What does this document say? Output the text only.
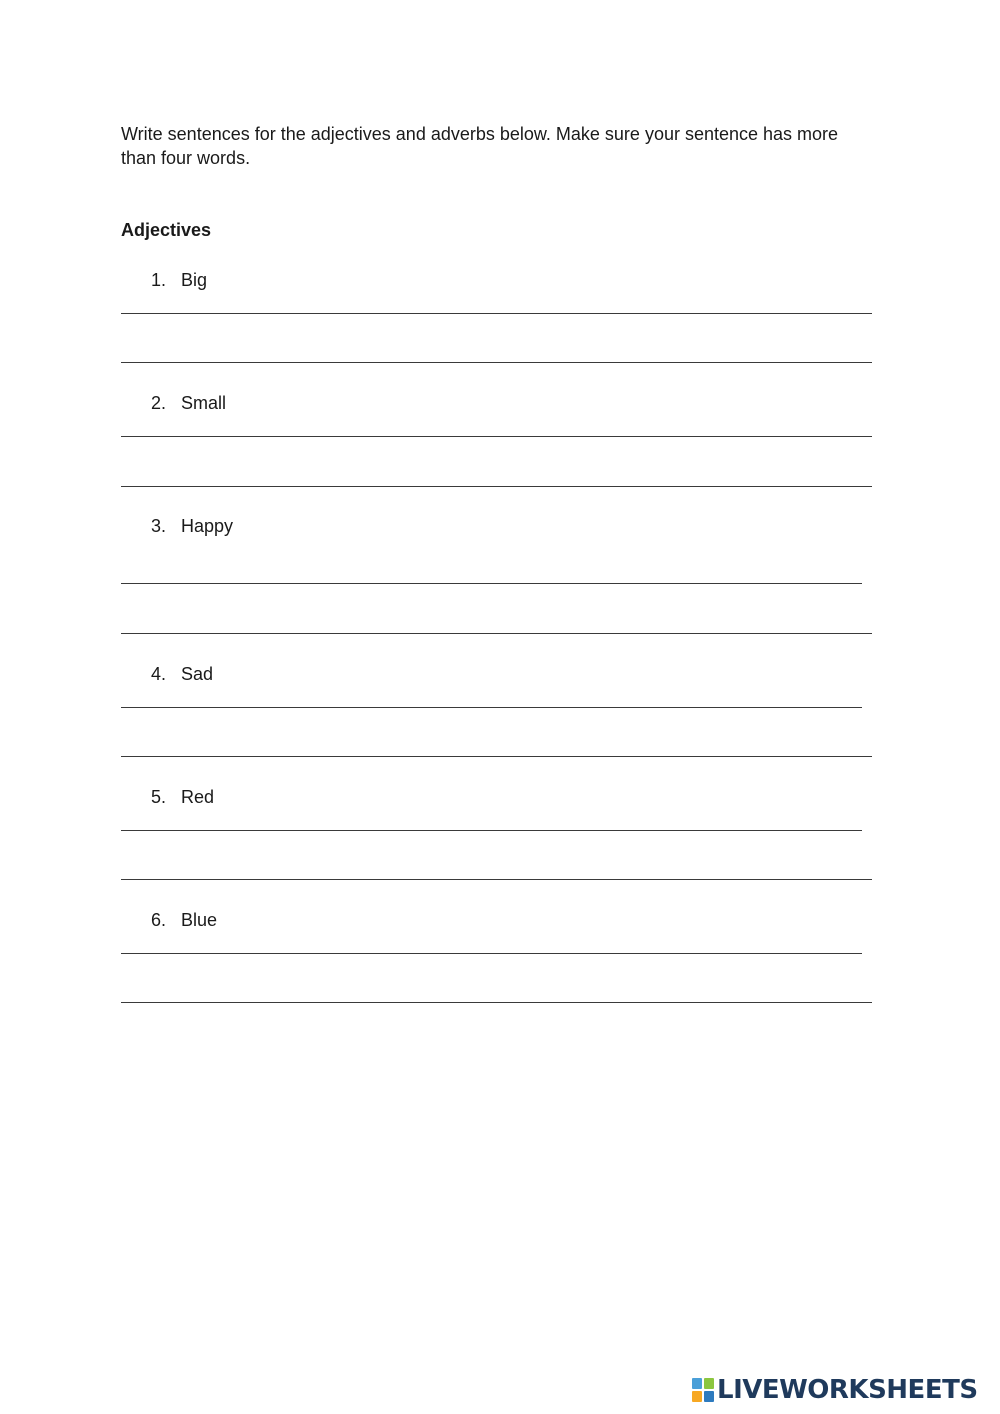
Write sentences for the adjectives and adverbs below. Make sure your sentence has more than four words.

Adjectives
1. Big
2. Small
3. Happy
4. Sad
5. Red
6. Blue
LIVEWORKSHEETS
